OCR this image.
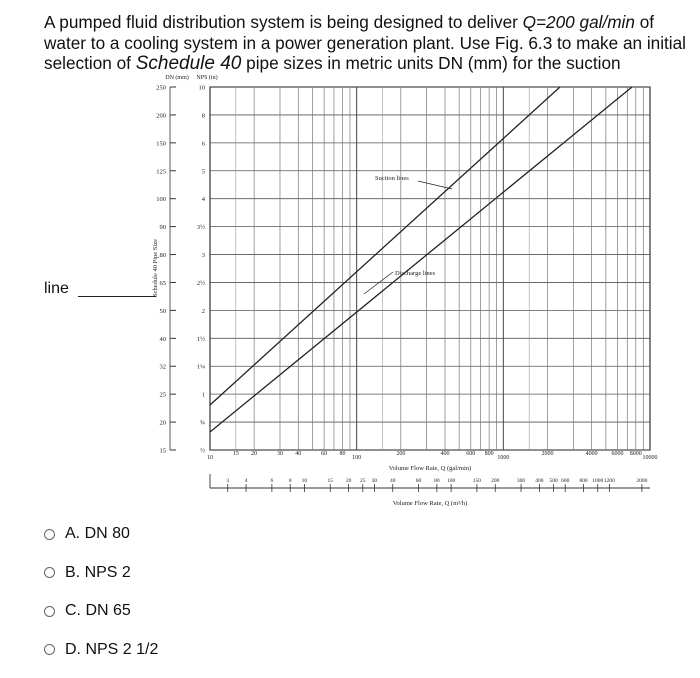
A pumped fluid distribution system is being designed to deliver Q=200 gal/min of water to a cooling system in a power generation plant. Use Fig. 6.3 to make an initial selection of Schedule 40 pipe sizes in metric units DN (mm) for the suction

line
250	10
200	8
150	6
125	5
100	4
90	3½
80	3
65	2½
50	2
40	1½
32	1¼
25	1
20	¾
15	½
DN (mm) NPS (in)
Schedule 40 Pipe Size
10
15 20	30 40	60 80
100
200	400	600 800
1000
2000	4000 6000 8000
10000
Volume Flow Rate, Q (gal/min)
3	4	6	8 10	15 20 25 30 40	60 80 100	150 200	300 400 500 600 800 1000 1200	2000
Volume Flow Rate, Q (m³/h)
Suction lines
Discharge lines
A. DN 80
B. NPS 2
C. DN 65
D. NPS 2 1/2
